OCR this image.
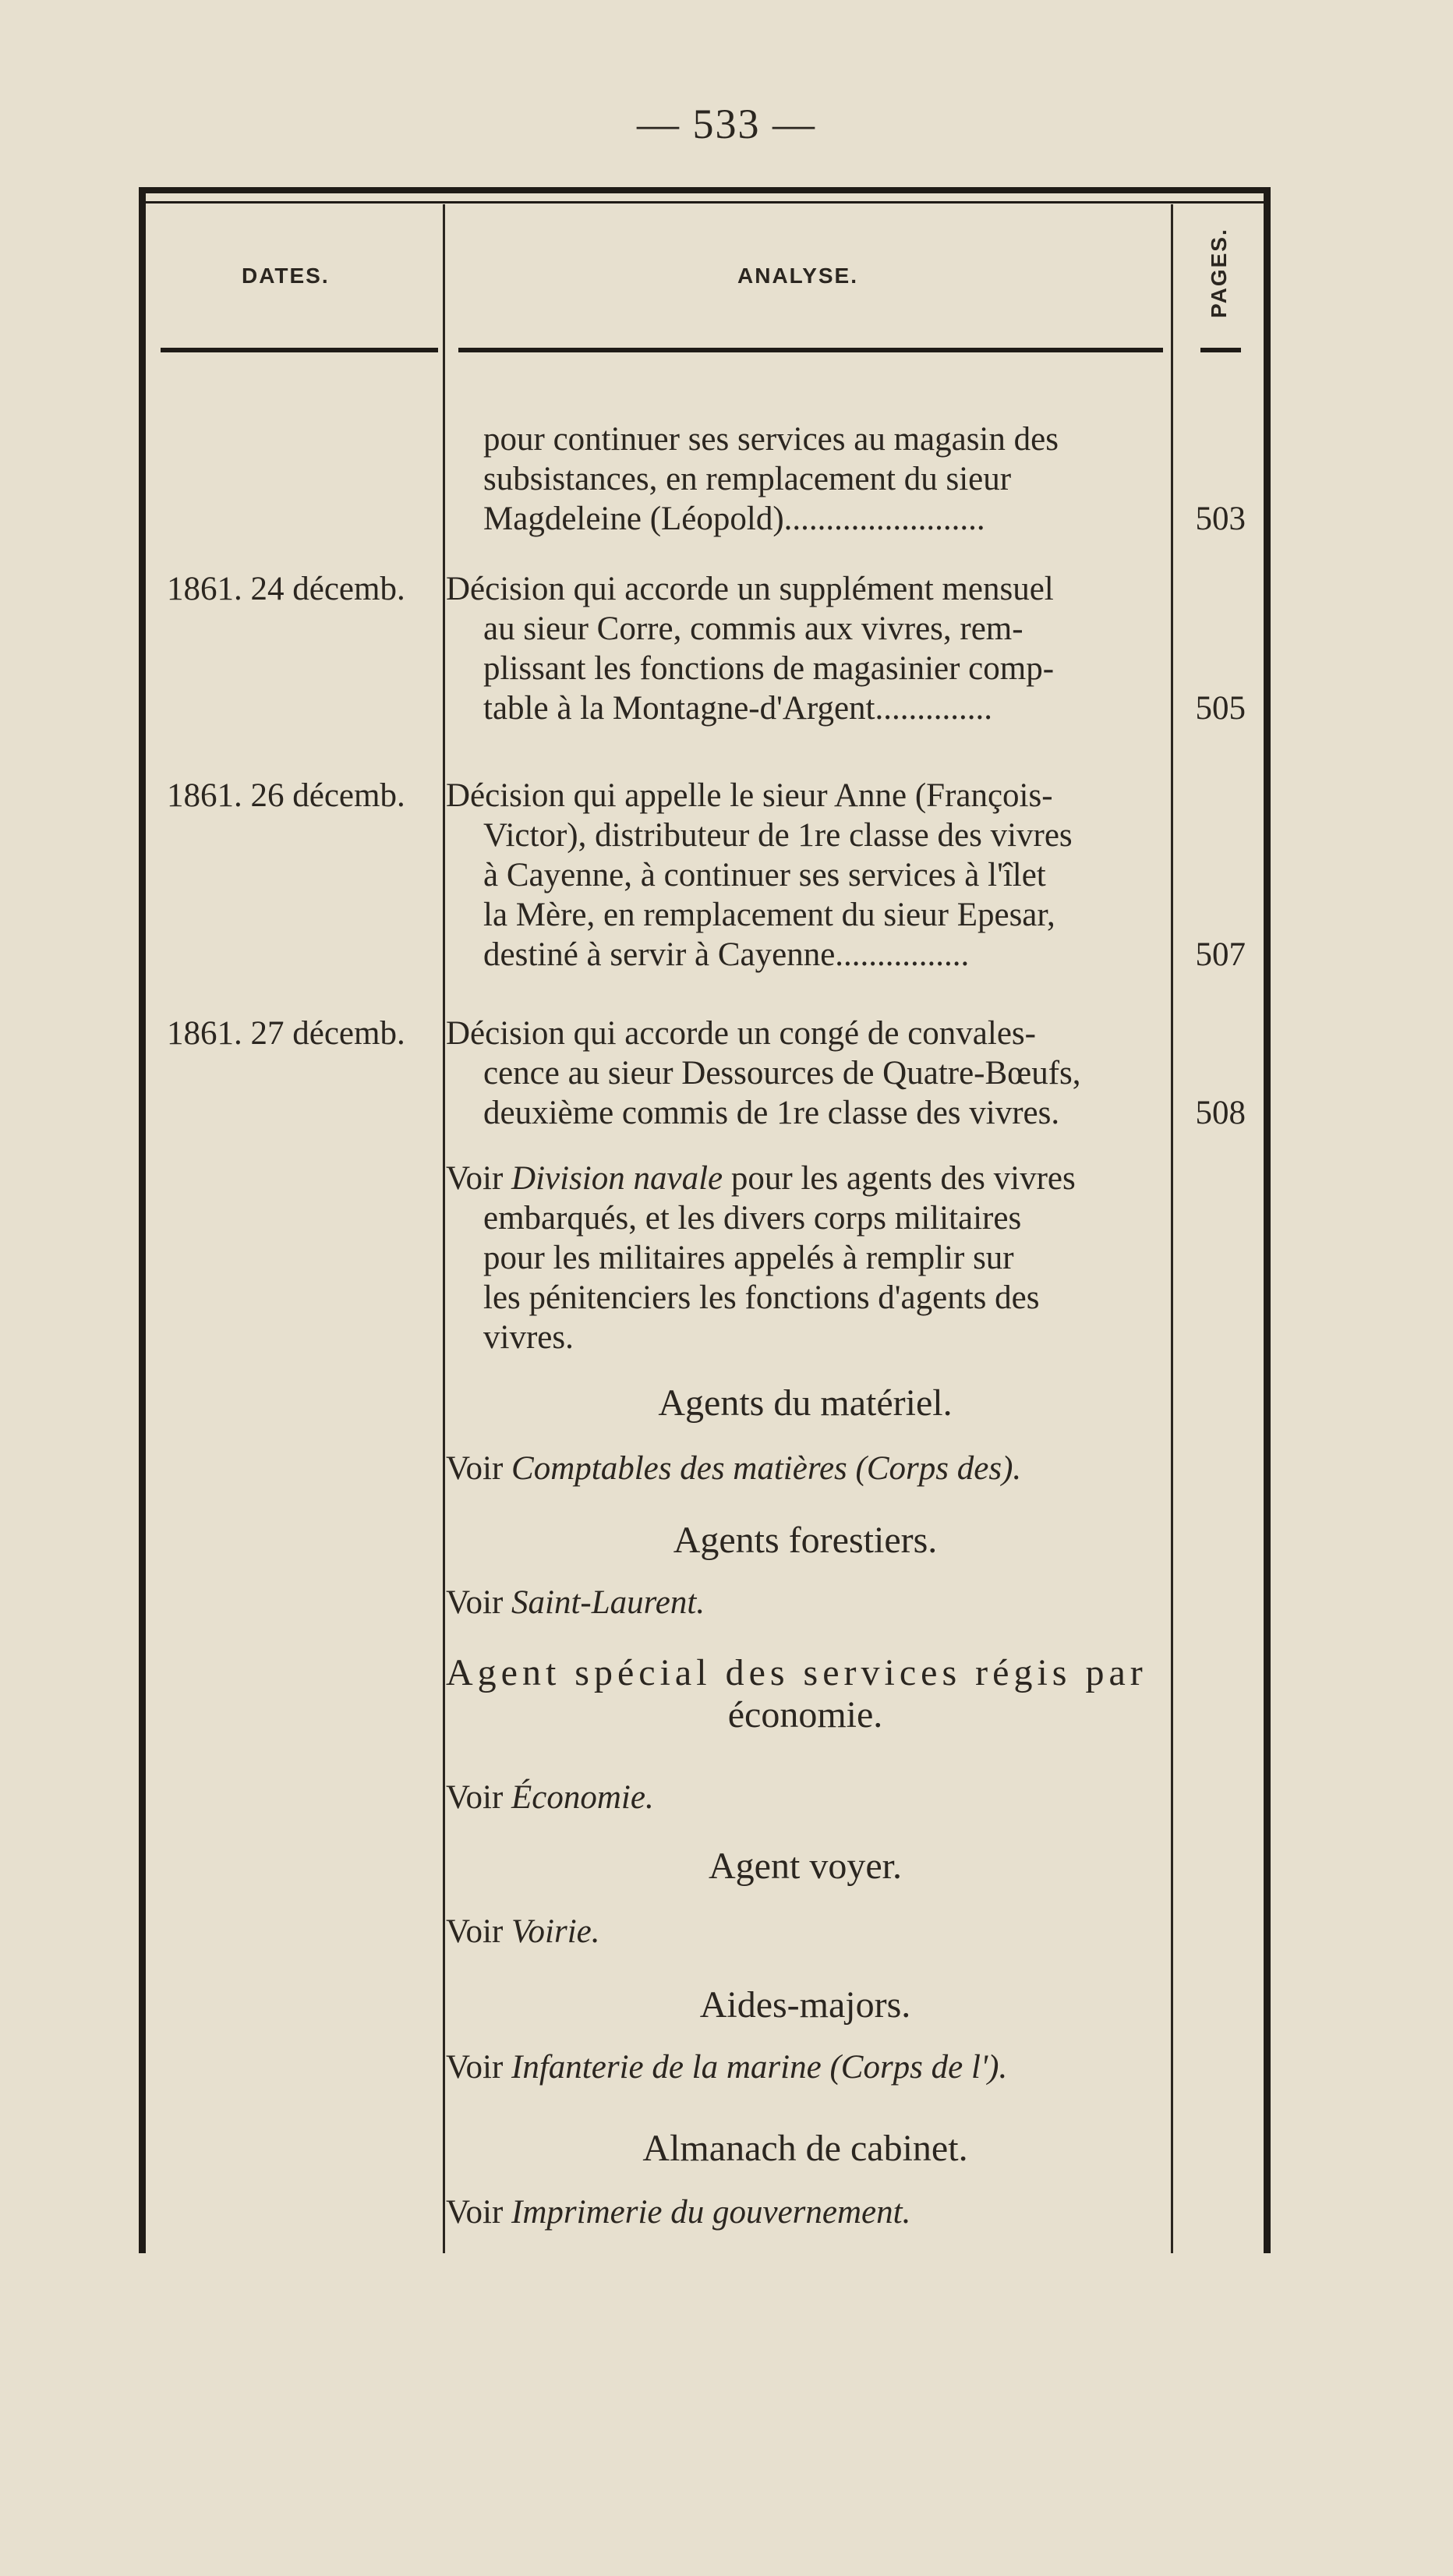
— 533 —
DATES.	ANALYSE.	PAGES.
pour continuer ses services au magasin des
subsistances, en remplacement du sieur
Magdeleine (Léopold)........................	503
1861. 24 décemb. Décision qui accorde un supplément mensuel
au sieur Corre, commis aux vivres, rem-
plissant les fonctions de magasinier comp-
table à la Montagne-d'Argent..............	505
1861. 26 décemb. Décision qui appelle le sieur Anne (François-
Victor), distributeur de 1re classe des vivres
à Cayenne, à continuer ses services à l'îlet
la Mère, en remplacement du sieur Epesar,
destiné à servir à Cayenne................	507
1861. 27 décemb. Décision qui accorde un congé de convales-
cence au sieur Dessources de Quatre-Bœufs,
deuxième commis de 1re classe des vivres.	508
Voir Division navale pour les agents des vivres
embarqués, et les divers corps militaires
pour les militaires appelés à remplir sur
les pénitenciers les fonctions d'agents des
vivres.
Agents du matériel.
Voir Comptables des matières (Corps des).
Agents forestiers.
Voir Saint-Laurent.
Agent spécial des services régis par
économie.
Voir Économie.
Agent voyer.
Voir Voirie.
Aides-majors.
Voir Infanterie de la marine (Corps de l').
Almanach de cabinet.
Voir Imprimerie du gouvernement.
